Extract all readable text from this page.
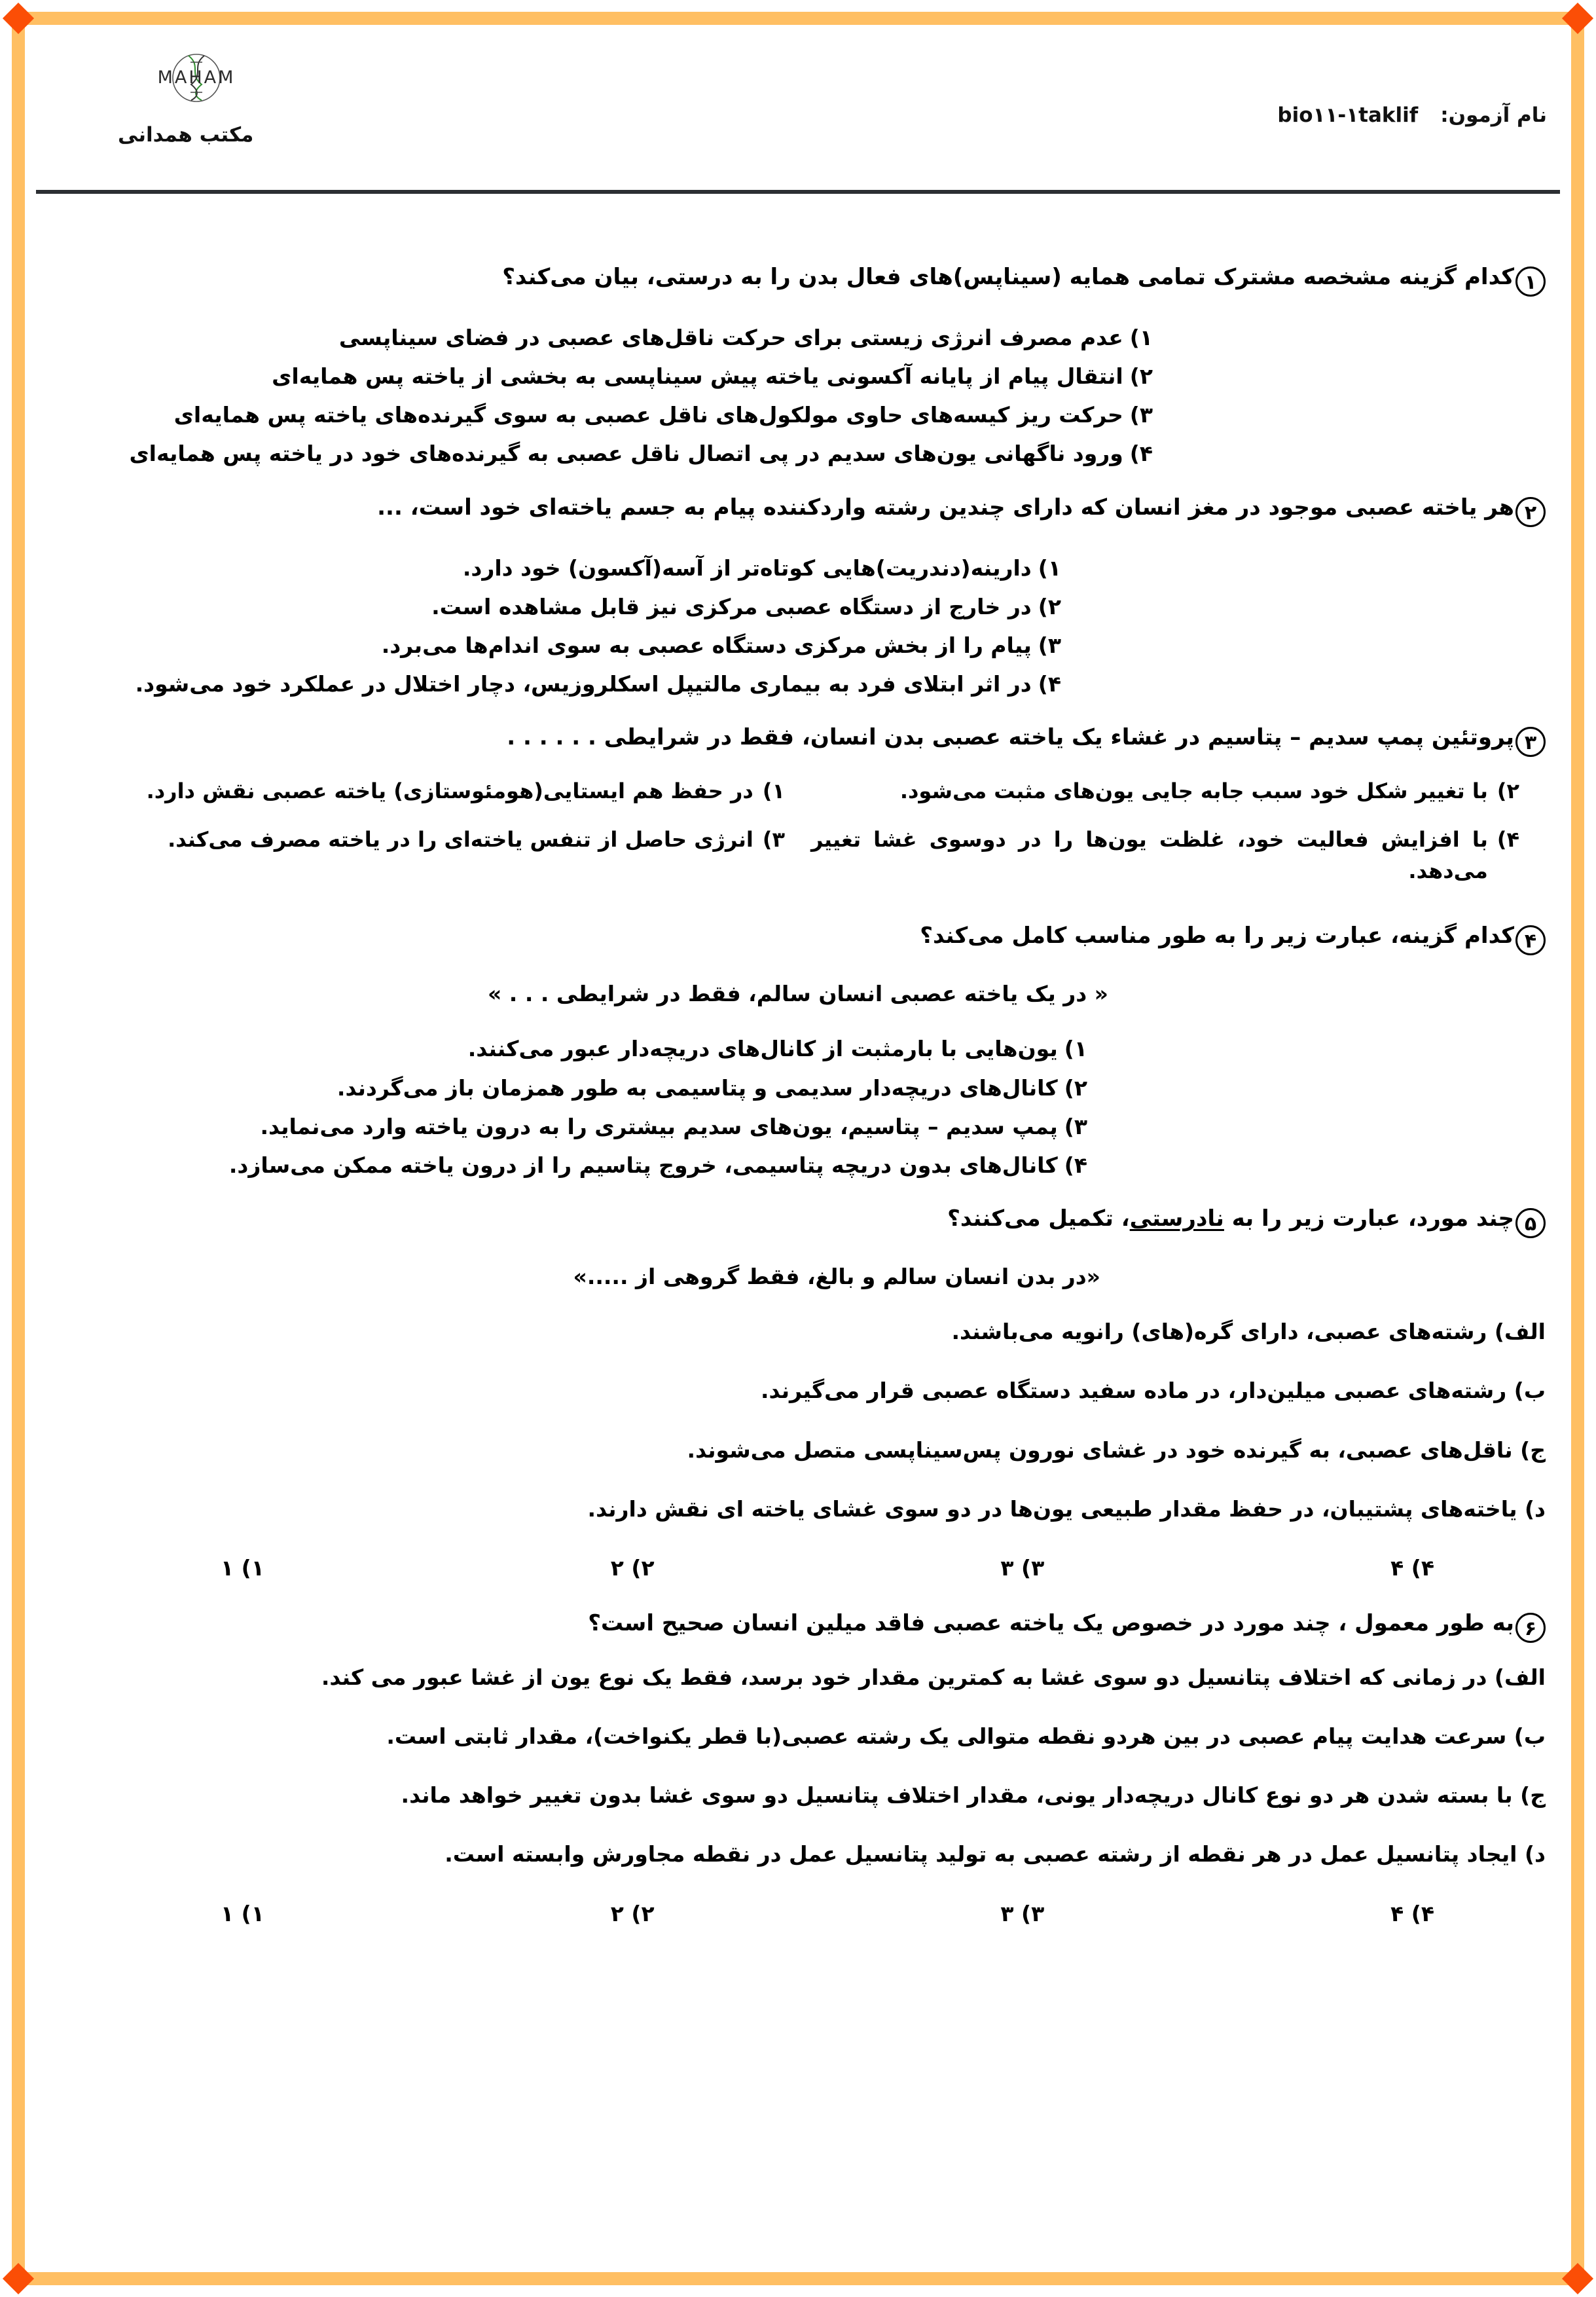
MAHAM
مکتب همدانی
نام آزمون:
bio۱۱-۱taklif
۱کدام گزینه مشخصه مشترک تمامی همایه (سیناپس)های فعال بدن را به درستی، بیان می‌کند؟
۱)عدم مصرف انرژی زیستی برای حرکت ناقل‌های عصبی در فضای سیناپسی
۲)انتقال پیام از پایانه آکسونی یاخته پیش سیناپسی به بخشی از یاخته پس همایه‌ای
۳)حرکت ریز کیسه‌های حاوی مولکول‌های ناقل عصبی به سوی گیرنده‌های یاخته پس همایه‌ای
۴)ورود ناگهانی یون‌های سدیم در پی اتصال ناقل عصبی به گیرنده‌های خود در یاخته پس همایه‌ای
۲هر یاخته عصبی موجود در مغز انسان که دارای چندین رشته واردکننده پیام به جسم یاخته‌ای خود است، ...
۱)دارینه(دندریت)هایی کوتاه‌تر از آسه(آکسون) خود دارد.
۲)در خارج از دستگاه عصبی مرکزی نیز قابل مشاهده است.
۳)پیام را از بخش مرکزی دستگاه عصبی به سوی اندام‌ها می‌برد.
۴)در اثر ابتلای فرد به بیماری مالتیپل اسکلروزیس، دچار اختلال در عملکرد خود می‌شود.
۳پروتئین پمپ سدیم – پتاسیم در غشاء یک یاخته عصبی بدن انسان، فقط در شرایطی . . . . . .
۲)
با تغییر شکل خود سبب جابه جایی یون‌های مثبت می‌شود.
۱)
در حفظ هم ایستایی(هومئوستازی) یاخته عصبی نقش دارد.
۴)
با افزایش فعالیت خود، غلظت یون‌ها را در دوسوی غشا تغییر می‌دهد.
۳)
انرژی حاصل از تنفس یاخته‌ای را در یاخته مصرف می‌کند.
۴کدام گزینه، عبارت زیر را به طور مناسب کامل می‌کند؟
« در یک یاخته عصبی انسان سالم، فقط در شرایطی . . . »
۱)یون‌هایی با بارمثبت از کانال‌های دریچه‌دار عبور می‌کنند.
۲)کانال‌های دریچه‌دار سدیمی و پتاسیمی به طور همزمان باز می‌گردند.
۳)پمپ سدیم – پتاسیم، یون‌های سدیم بیشتری را به درون یاخته وارد می‌نماید.
۴)کانال‌های بدون دریچه پتاسیمی، خروج پتاسیم را از درون یاخته ممکن می‌سازد.
۵چند مورد، عبارت زیر را به نادرستی، تکمیل می‌کنند؟
«در بدن انسان سالم و بالغ، فقط گروهی از .....»
الف) رشته‌های عصبی، دارای گره(های) رانویه می‌باشند.
ب) رشته‌های عصبی میلین‌دار، در ماده سفید دستگاه عصبی قرار می‌گیرند.
ج) ناقل‌های عصبی، به گیرنده خود در غشای نورون پس‌سیناپسی متصل می‌شوند.
د) یاخته‌های پشتیبان، در حفظ مقدار طبیعی یون‌ها در دو سوی غشای یاخته ای نقش دارند.
۴) ۴
۳) ۳
۲) ۲
۱) ۱
۶به طور معمول ، چند مورد در خصوص یک یاخته عصبی فاقد میلین انسان صحیح است؟
الف) در زمانی که اختلاف پتانسیل دو سوی غشا به کمترین مقدار خود برسد، فقط یک نوع یون از غشا عبور می کند.
ب) سرعت هدایت پیام عصبی در بین هردو نقطه متوالی یک رشته عصبی(با قطر یکنواخت)، مقدار ثابتی است.
ج) با بسته شدن هر دو نوع کانال دریچه‌دار یونی، مقدار اختلاف پتانسیل دو سوی غشا بدون تغییر خواهد ماند.
د) ایجاد پتانسیل عمل در هر نقطه از رشته عصبی به تولید پتانسیل عمل در نقطه مجاورش وابسته است.
۴) ۴
۳) ۳
۲) ۲
۱) ۱
